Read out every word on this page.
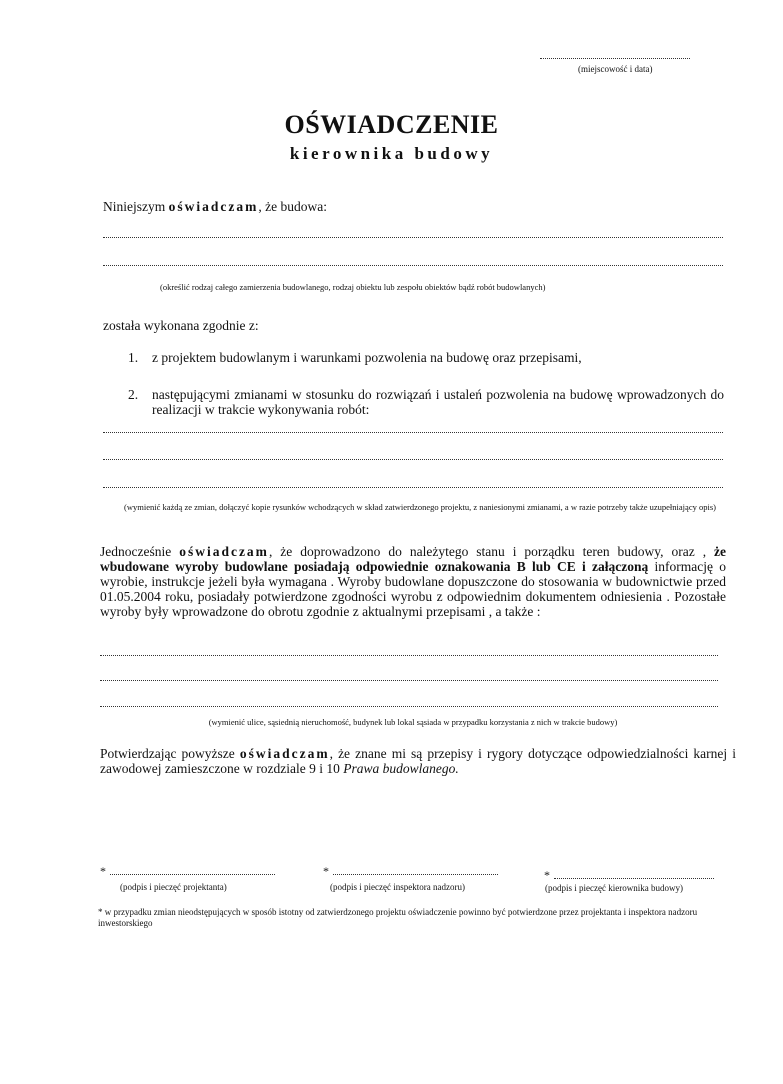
(miejscowość i data)
OŚWIADCZENIE
kierownika budowy
Niniejszym oświadczam, że budowa:
(określić rodzaj całego zamierzenia budowlanego, rodzaj obiektu lub zespołu obiektów bądź robót budowlanych)
została wykonana zgodnie z:
1. z projektem budowlanym i warunkami pozwolenia na budowę oraz przepisami,
2. następującymi zmianami w stosunku do rozwiązań i ustaleń pozwolenia na budowę wprowadzonych do realizacji w trakcie wykonywania robót:
(wymienić każdą ze zmian, dołączyć kopie rysunków wchodzących w skład zatwierdzonego projektu, z naniesionymi zmianami, a w razie potrzeby także uzupełniający opis)
Jednocześnie oświadczam, że doprowadzono do należytego stanu i porządku teren budowy, oraz , że wbudowane wyroby budowlane posiadają odpowiednie oznakowania B lub CE i załączoną informację o wyrobie, instrukcje jeżeli była wymagana . Wyroby budowlane dopuszczone do stosowania w budownictwie przed 01.05.2004 roku, posiadały potwierdzone zgodności wyrobu z odpowiednim dokumentem odniesienia . Pozostałe wyroby były wprowadzone do obrotu zgodnie z aktualnymi przepisami , a także :
(wymienić ulice, sąsiednią nieruchomość, budynek lub lokal sąsiada w przypadku korzystania z nich w trakcie budowy)
Potwierdzając powyższe oświadczam, że znane mi są przepisy i rygory dotyczące odpowiedzialności karnej i zawodowej zamieszczone w rozdziale 9 i 10 Prawa budowlanego.
*
(podpis i pieczęć projektanta)
*
(podpis i pieczęć inspektora nadzoru)
*
(podpis i pieczęć kierownika budowy)
* w przypadku zmian nieodstępujących w sposób istotny od zatwierdzonego projektu oświadczenie powinno być potwierdzone przez projektanta i inspektora nadzoru inwestorskiego
